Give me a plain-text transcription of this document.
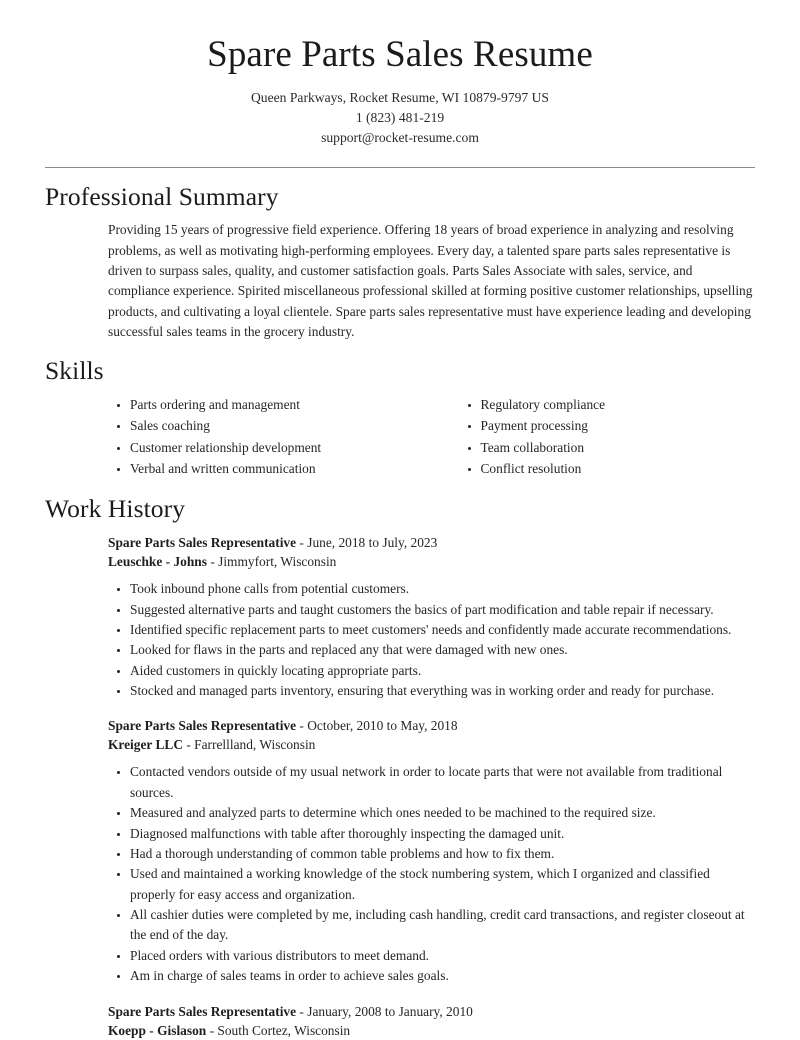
Spare Parts Sales Resume
Queen Parkways, Rocket Resume, WI 10879-9797 US
1 (823) 481-219
support@rocket-resume.com
Professional Summary

Providing 15 years of progressive field experience. Offering 18 years of broad experience in analyzing and resolving problems, as well as motivating high-performing employees. Every day, a talented spare parts sales representative is driven to surpass sales, quality, and customer satisfaction goals. Parts Sales Associate with sales, service, and compliance experience. Spirited miscellaneous professional skilled at forming positive customer relationships, upselling products, and cultivating a loyal clientele. Spare parts sales representative must have experience leading and developing successful sales teams in the grocery industry.

Skills
• Parts ordering and management
• Sales coaching
• Customer relationship development
• Verbal and written communication
• Regulatory compliance
• Payment processing
• Team collaboration
• Conflict resolution
Work History
Spare Parts Sales Representative - June, 2018 to July, 2023
Leuschke - Johns - Jimmyfort, Wisconsin
• Took inbound phone calls from potential customers.
• Suggested alternative parts and taught customers the basics of part modification and table repair if necessary.
• Identified specific replacement parts to meet customers' needs and confidently made accurate recommendations.
• Looked for flaws in the parts and replaced any that were damaged with new ones.
• Aided customers in quickly locating appropriate parts.
• Stocked and managed parts inventory, ensuring that everything was in working order and ready for purchase.
Spare Parts Sales Representative - October, 2010 to May, 2018
Kreiger LLC - Farrellland, Wisconsin
• Contacted vendors outside of my usual network in order to locate parts that were not available from traditional sources.
• Measured and analyzed parts to determine which ones needed to be machined to the required size.
• Diagnosed malfunctions with table after thoroughly inspecting the damaged unit.
• Had a thorough understanding of common table problems and how to fix them.
• Used and maintained a working knowledge of the stock numbering system, which I organized and classified properly for easy access and organization.
• All cashier duties were completed by me, including cash handling, credit card transactions, and register closeout at the end of the day.
• Placed orders with various distributors to meet demand.
• Am in charge of sales teams in order to achieve sales goals.
Spare Parts Sales Representative - January, 2008 to January, 2010
Koepp - Gislason - South Cortez, Wisconsin
